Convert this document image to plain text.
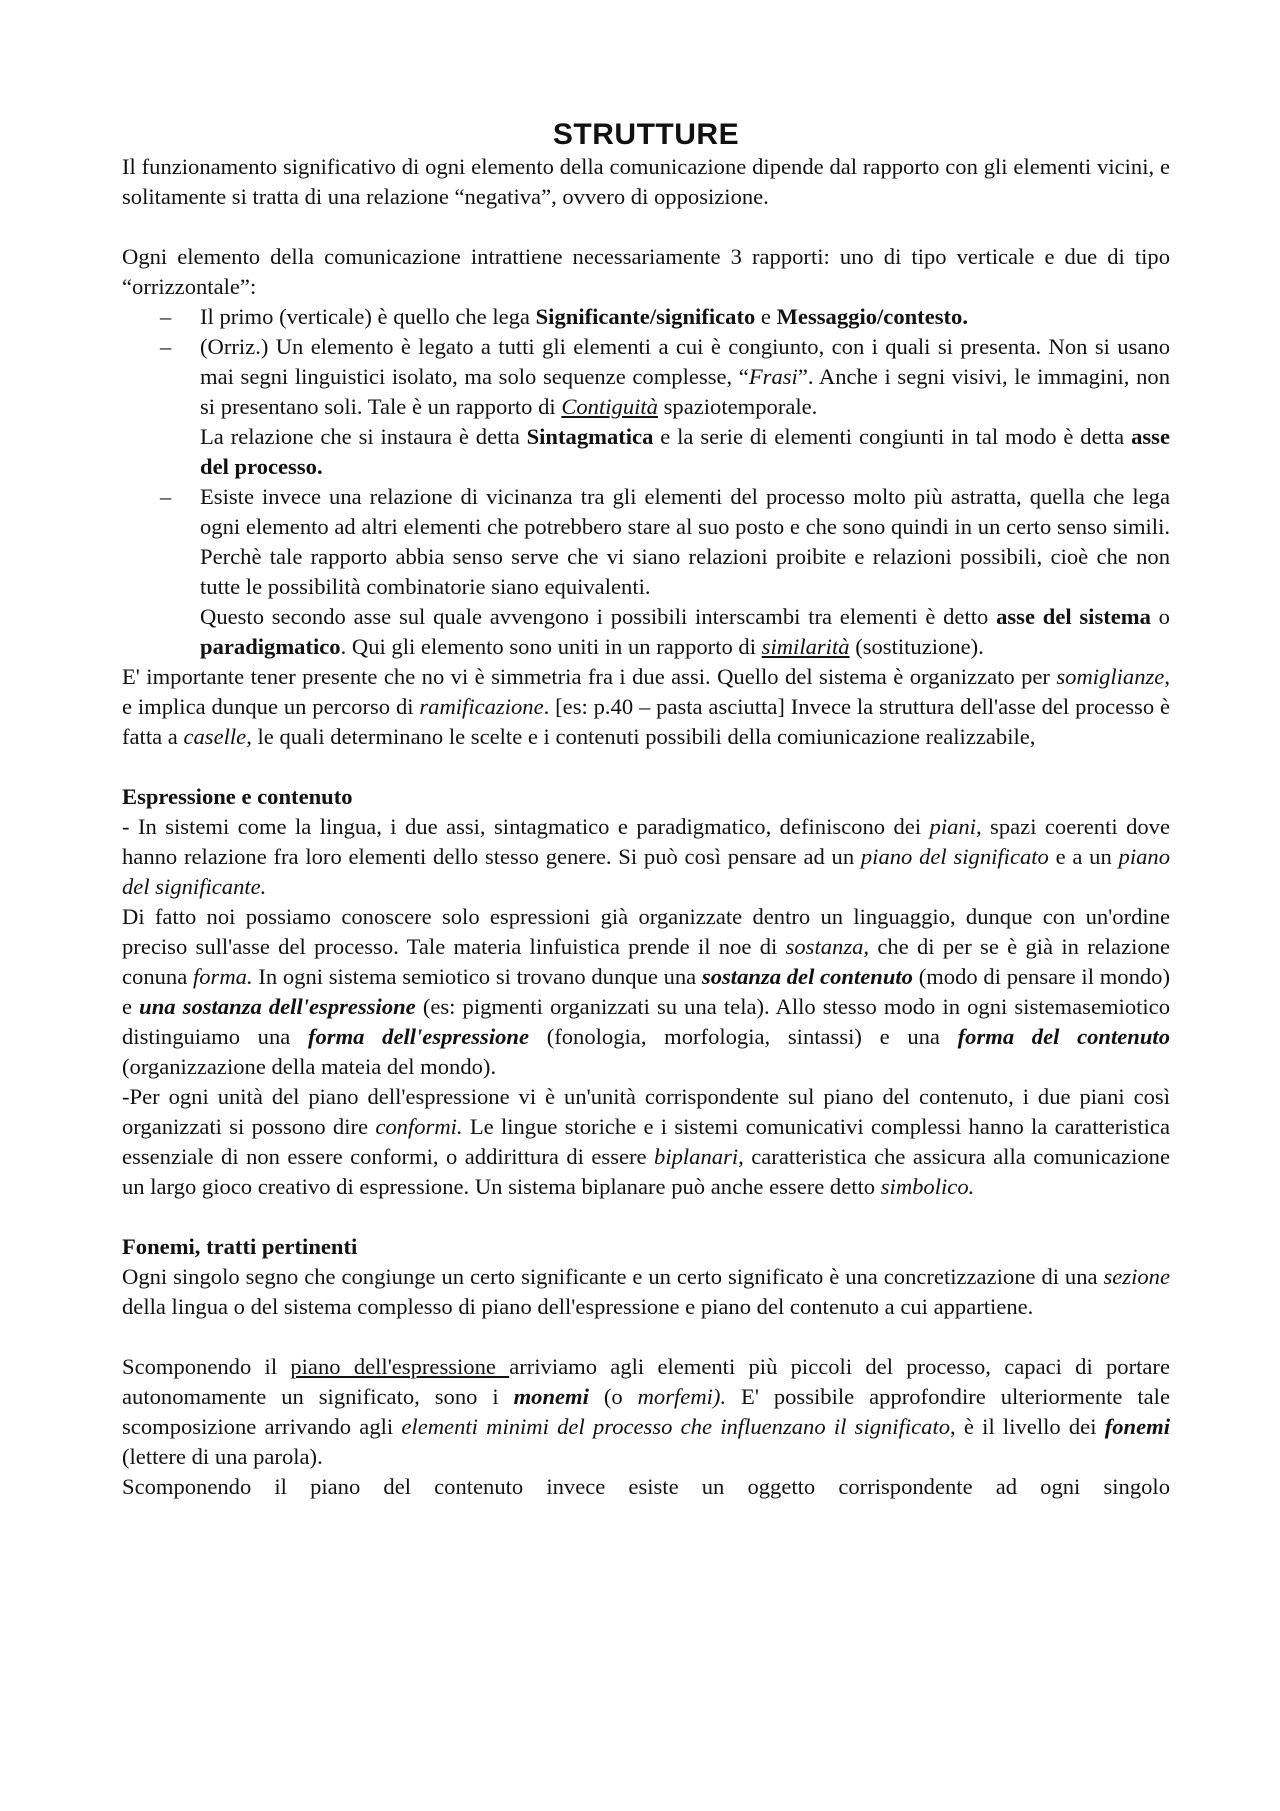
STRUTTURE

Il funzionamento significativo di ogni elemento della comunicazione dipende dal rapporto con gli elementi vicini, e solitamente si tratta di una relazione “negativa”, ovvero di opposizione.

Ogni elemento della comunicazione intrattiene necessariamente 3 rapporti: uno di tipo verticale e due di tipo “orrizzontale”:

– Il primo (verticale) è quello che lega Significante/significato e Messaggio/contesto.
– (Orriz.) Un elemento è legato a tutti gli elementi a cui è congiunto, con i quali si presenta. Non si usano mai segni linguistici isolato, ma solo sequenze complesse, “Frasi”. Anche i segni visivi, le immagini, non si presentano soli. Tale è un rapporto di Contiguità spaziotemporale.

La relazione che si instaura è detta Sintagmatica e la serie di elementi congiunti in tal modo è detta asse del processo.

– Esiste invece una relazione di vicinanza tra gli elementi del processo molto più astratta, quella che lega ogni elemento ad altri elementi che potrebbero stare al suo posto e che sono quindi in un certo senso simili. Perchè tale rapporto abbia senso serve che vi siano relazioni proibite e relazioni possibili, cioè che non tutte le possibilità combinatorie siano equivalenti.

Questo secondo asse sul quale avvengono i possibili interscambi tra elementi è detto asse del sistema o paradigmatico. Qui gli elemento sono uniti in un rapporto di similarità (sostituzione).

E' importante tener presente che no vi è simmetria fra i due assi. Quello del sistema è organizzato per somiglianze, e implica dunque un percorso di ramificazione. [es: p.40 – pasta asciutta] Invece la struttura dell'asse del processo è fatta a caselle, le quali determinano le scelte e i contenuti possibili della comiunicazione realizzabile,

Espressione e contenuto

- In sistemi come la lingua, i due assi, sintagmatico e paradigmatico, definiscono dei piani, spazi coerenti dove hanno relazione fra loro elementi dello stesso genere. Si può così pensare ad un piano del significato e a un piano del significante.

Di fatto noi possiamo conoscere solo espressioni già organizzate dentro un linguaggio, dunque con un'ordine preciso sull'asse del processo. Tale materia linfuistica prende il noe di sostanza, che di per se è già in relazione conuna forma. In ogni sistema semiotico si trovano dunque una sostanza del contenuto (modo di pensare il mondo) e una sostanza dell'espressione (es: pigmenti organizzati su una tela). Allo stesso modo in ogni sistemasemiotico distinguiamo una forma dell'espressione (fonologia, morfologia, sintassi) e una forma del contenuto (organizzazione della mateia del mondo).

-Per ogni unità del piano dell'espressione vi è un'unità corrispondente sul piano del contenuto, i due piani così organizzati si possono dire conformi. Le lingue storiche e i sistemi comunicativi complessi hanno la caratteristica essenziale di non essere conformi, o addirittura di essere biplanari, caratteristica che assicura alla comunicazione un largo gioco creativo di espressione. Un sistema biplanare può anche essere detto simbolico.

Fonemi, tratti pertinenti

Ogni singolo segno che congiunge un certo significante e un certo significato è una concretizzazione di una sezione della lingua o del sistema complesso di piano dell'espressione e piano del contenuto a cui appartiene.

Scomponendo il piano dell'espressione arriviamo agli elementi più piccoli del processo, capaci di portare autonomamente un significato, sono i monemi (o morfemi). E' possibile approfondire ulteriormente tale scomposizione arrivando agli elementi minimi del processo che influenzano il significato, è il livello dei fonemi (lettere di una parola).

Scomponendo il piano del contenuto invece esiste un oggetto corrispondente ad ogni singolo
